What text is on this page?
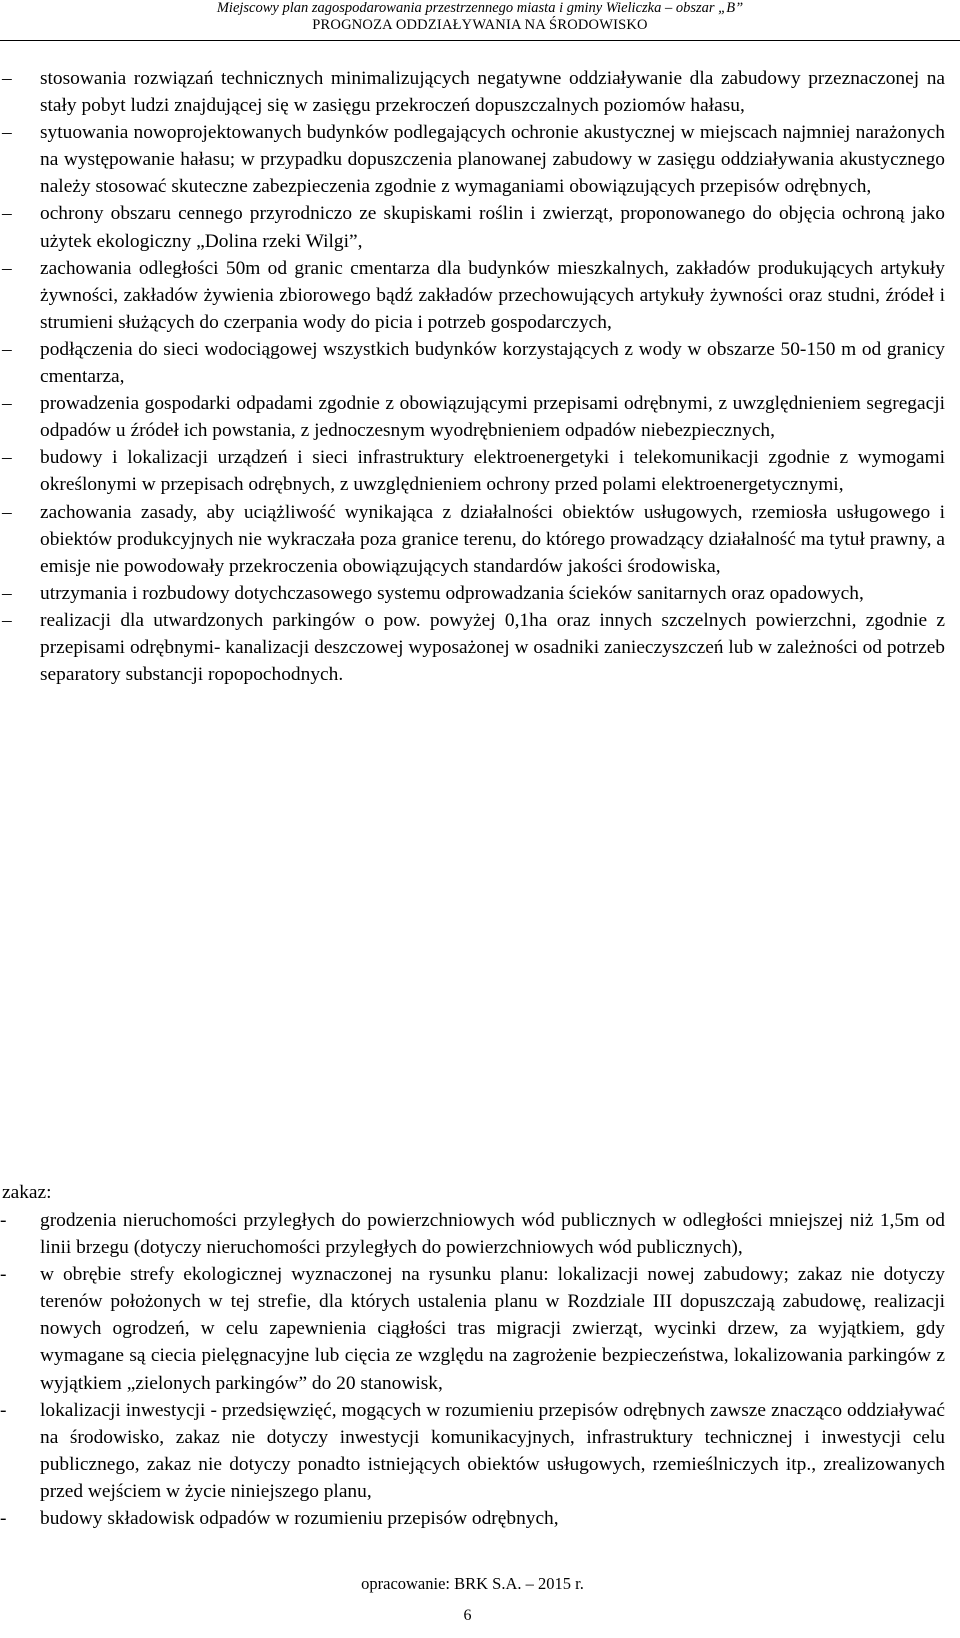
Miejscowy plan zagospodarowania przestrzennego miasta i gminy Wieliczka – obszar „B”
PROGNOZA ODDZIAŁYWANIA NA ŚRODOWISKO
– stosowania rozwiązań technicznych minimalizujących negatywne oddziaływanie dla zabudowy przeznaczonej na stały pobyt ludzi znajdującej się w zasięgu przekroczeń dopuszczalnych poziomów hałasu,
– sytuowania nowoprojektowanych budynków podlegających ochronie akustycznej w miejscach najmniej narażonych na występowanie hałasu; w przypadku dopuszczenia planowanej zabudowy w zasięgu oddziaływania akustycznego należy stosować skuteczne zabezpieczenia zgodnie z wymaganiami obowiązujących przepisów odrębnych,
– ochrony obszaru cennego przyrodniczo ze skupiskami roślin i zwierząt, proponowanego do objęcia ochroną jako użytek ekologiczny „Dolina rzeki Wilgi”,
– zachowania odległości 50m od granic cmentarza dla budynków mieszkalnych, zakładów produkujących artykuły żywności, zakładów żywienia zbiorowego bądź zakładów przechowujących artykuły żywności oraz studni, źródeł i strumieni służących do czerpania wody do picia i potrzeb gospodarczych,
– podłączenia do sieci wodociągowej wszystkich budynków korzystających z wody w obszarze 50-150 m od granicy cmentarza,
– prowadzenia gospodarki odpadami zgodnie z obowiązującymi przepisami odrębnymi, z uwzględnieniem segregacji odpadów u źródeł ich powstania, z jednoczesnym wyodrębnieniem odpadów niebezpiecznych,
– budowy i lokalizacji urządzeń i sieci infrastruktury elektroenergetyki i telekomunikacji zgodnie z wymogami określonymi w przepisach odrębnych, z uwzględnieniem ochrony przed polami elektroenergetycznymi,
– zachowania zasady, aby uciążliwość wynikająca z działalności obiektów usługowych, rzemiosła usługowego i obiektów produkcyjnych nie wykraczała poza granice terenu, do którego prowadzący działalność ma tytuł prawny, a emisje nie powodowały przekroczenia obowiązujących standardów jakości środowiska,
– utrzymania i rozbudowy dotychczasowego systemu odprowadzania ścieków sanitarnych oraz opadowych,
– realizacji dla utwardzonych parkingów o pow. powyżej 0,1ha oraz innych szczelnych powierzchni, zgodnie z przepisami odrębnymi- kanalizacji deszczowej wyposażonej w osadniki zanieczyszczeń lub w zależności od potrzeb separatory substancji ropopochodnych.
zakaz:
- grodzenia nieruchomości przyległych do powierzchniowych wód publicznych w odległości mniejszej niż 1,5m od linii brzegu (dotyczy nieruchomości przyległych do powierzchniowych wód publicznych),
- w obrębie strefy ekologicznej wyznaczonej na rysunku planu: lokalizacji nowej zabudowy; zakaz nie dotyczy terenów położonych w tej strefie, dla których ustalenia planu w Rozdziale III dopuszczają zabudowę, realizacji nowych ogrodzeń, w celu zapewnienia ciągłości tras migracji zwierząt, wycinki drzew, za wyjątkiem, gdy wymagane są ciecia pielęgnacyjne lub cięcia ze względu na zagrożenie bezpieczeństwa, lokalizowania parkingów z wyjątkiem „zielonych parkingów” do 20 stanowisk,
- lokalizacji inwestycji - przedsięwzięć, mogących w rozumieniu przepisów odrębnych zawsze znacząco oddziaływać na środowisko, zakaz nie dotyczy inwestycji komunikacyjnych, infrastruktury technicznej i inwestycji celu publicznego, zakaz nie dotyczy ponadto istniejących obiektów usługowych, rzemieślniczych itp., zrealizowanych przed wejściem w życie niniejszego planu,
- budowy składowisk odpadów w rozumieniu przepisów odrębnych,
opracowanie: BRK S.A. – 2015 r.
6
